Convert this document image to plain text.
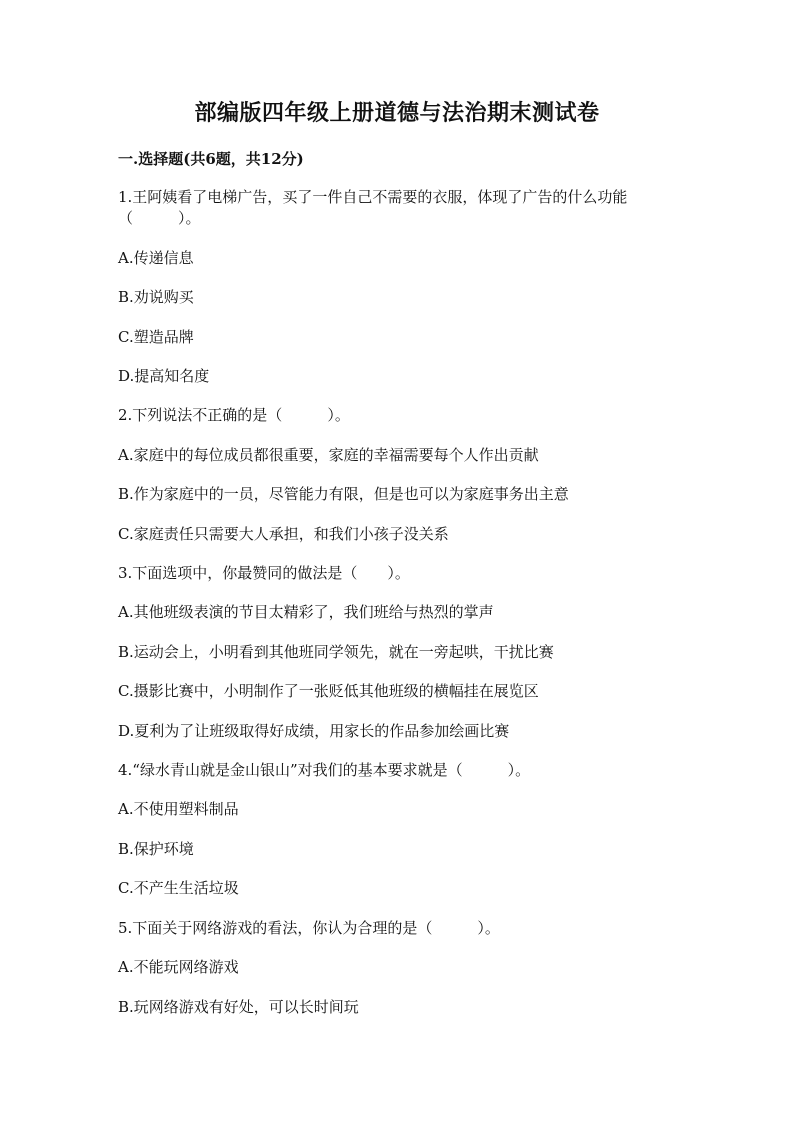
部编版四年级上册道德与法治期末测试卷
一.选择题(共6题，共12分)
1.王阿姨看了电梯广告，买了一件自己不需要的衣服，体现了广告的什么功能
（　　　）。
A.传递信息
B.劝说购买
C.塑造品牌
D.提高知名度
2.下列说法不正确的是（　　　）。
A.家庭中的每位成员都很重要，家庭的幸福需要每个人作出贡献
B.作为家庭中的一员，尽管能力有限，但是也可以为家庭事务出主意
C.家庭责任只需要大人承担，和我们小孩子没关系
3.下面选项中，你最赞同的做法是（　　）。
A.其他班级表演的节目太精彩了，我们班给与热烈的掌声
B.运动会上，小明看到其他班同学领先，就在一旁起哄，干扰比赛
C.摄影比赛中，小明制作了一张贬低其他班级的横幅挂在展览区
D.夏利为了让班级取得好成绩，用家长的作品参加绘画比赛
4.“绿水青山就是金山银山”对我们的基本要求就是（　　　）。
A.不使用塑料制品
B.保护环境
C.不产生生活垃圾
5.下面关于网络游戏的看法，你认为合理的是（　　　）。
A.不能玩网络游戏
B.玩网络游戏有好处，可以长时间玩
